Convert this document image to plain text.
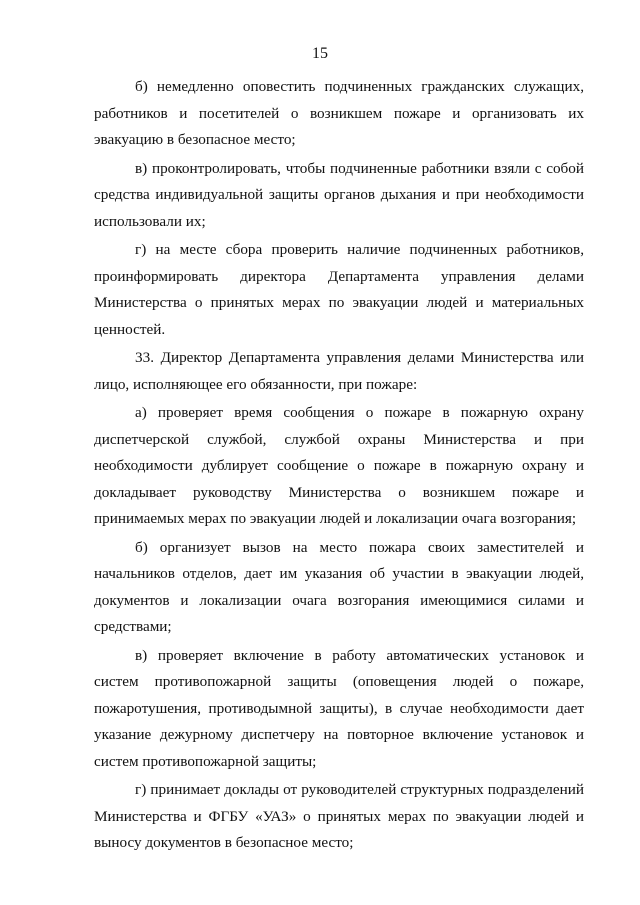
15

б) немедленно оповестить подчиненных гражданских служащих, работников и посетителей о возникшем пожаре и организовать их эвакуацию в безопасное место;

в) проконтролировать, чтобы подчиненные работники взяли с собой средства индивидуальной защиты органов дыхания и при необходимости использовали их;

г) на месте сбора проверить наличие подчиненных работников, проинформировать директора Департамента управления делами Министерства о принятых мерах по эвакуации людей и материальных ценностей.

33. Директор Департамента управления делами Министерства или лицо, исполняющее его обязанности, при пожаре:

а) проверяет время сообщения о пожаре в пожарную охрану диспетчерской службой, службой охраны Министерства и при необходимости дублирует сообщение о пожаре в пожарную охрану и докладывает руководству Министерства о возникшем пожаре и принимаемых мерах по эвакуации людей и локализации очага возгорания;

б) организует вызов на место пожара своих заместителей и начальников отделов, дает им указания об участии в эвакуации людей, документов и локализации очага возгорания имеющимися силами и средствами;

в) проверяет включение в работу автоматических установок и систем противопожарной защиты (оповещения людей о пожаре, пожаротушения, противодымной защиты), в случае необходимости дает указание дежурному диспетчеру на повторное включение установок и систем противопожарной защиты;

г) принимает доклады от руководителей структурных подразделений Министерства и ФГБУ «УАЗ» о принятых мерах по эвакуации людей и выносу документов в безопасное место;
